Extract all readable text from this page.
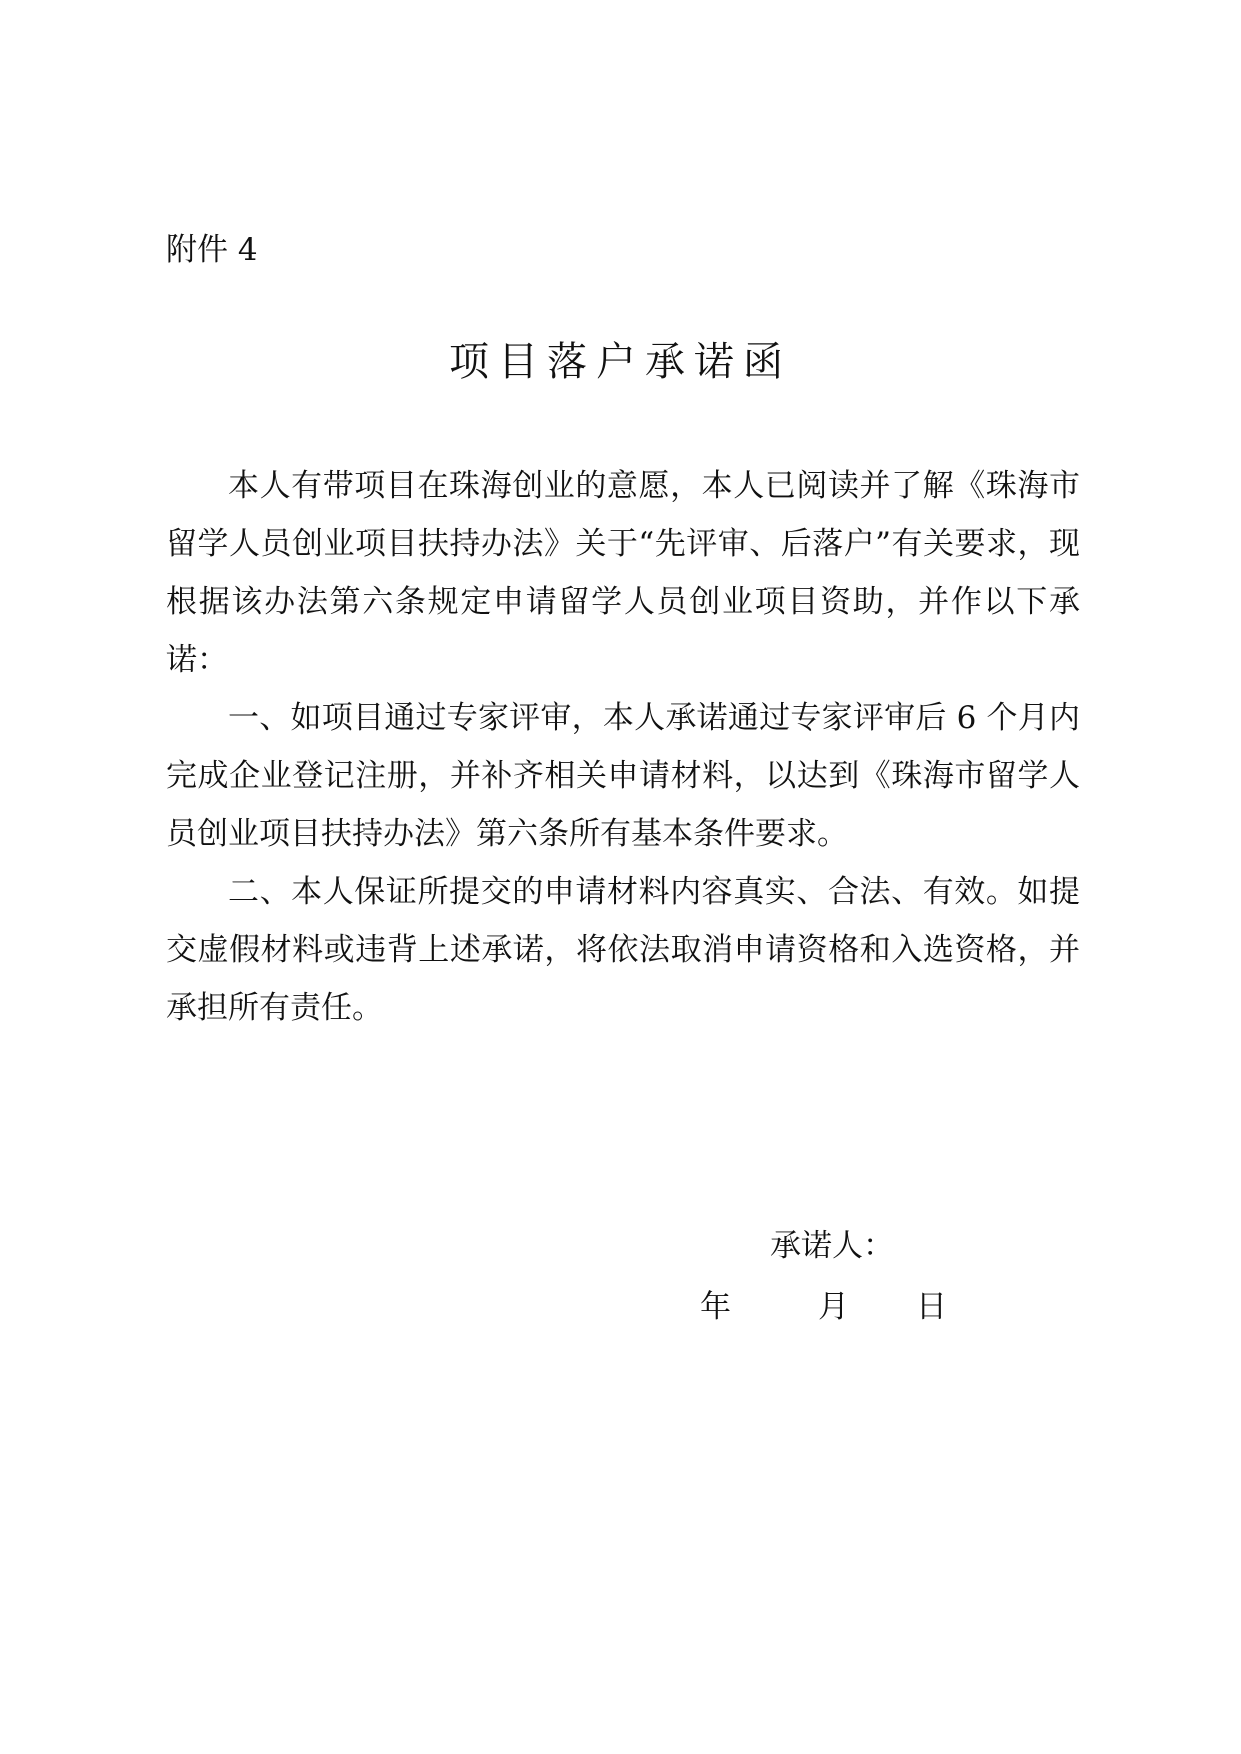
附件 4

项目落户承诺函

本人有带项目在珠海创业的意愿，本人已阅读并了解《珠海市留学人员创业项目扶持办法》关于“先评审、后落户”有关要求，现根据该办法第六条规定申请留学人员创业项目资助，并作以下承诺：

一、如项目通过专家评审，本人承诺通过专家评审后 6 个月内完成企业登记注册，并补齐相关申请材料，以达到《珠海市留学人员创业项目扶持办法》第六条所有基本条件要求。

二、本人保证所提交的申请材料内容真实、合法、有效。如提交虚假材料或违背上述承诺，将依法取消申请资格和入选资格，并承担所有责任。

承诺人：

年	月 日
